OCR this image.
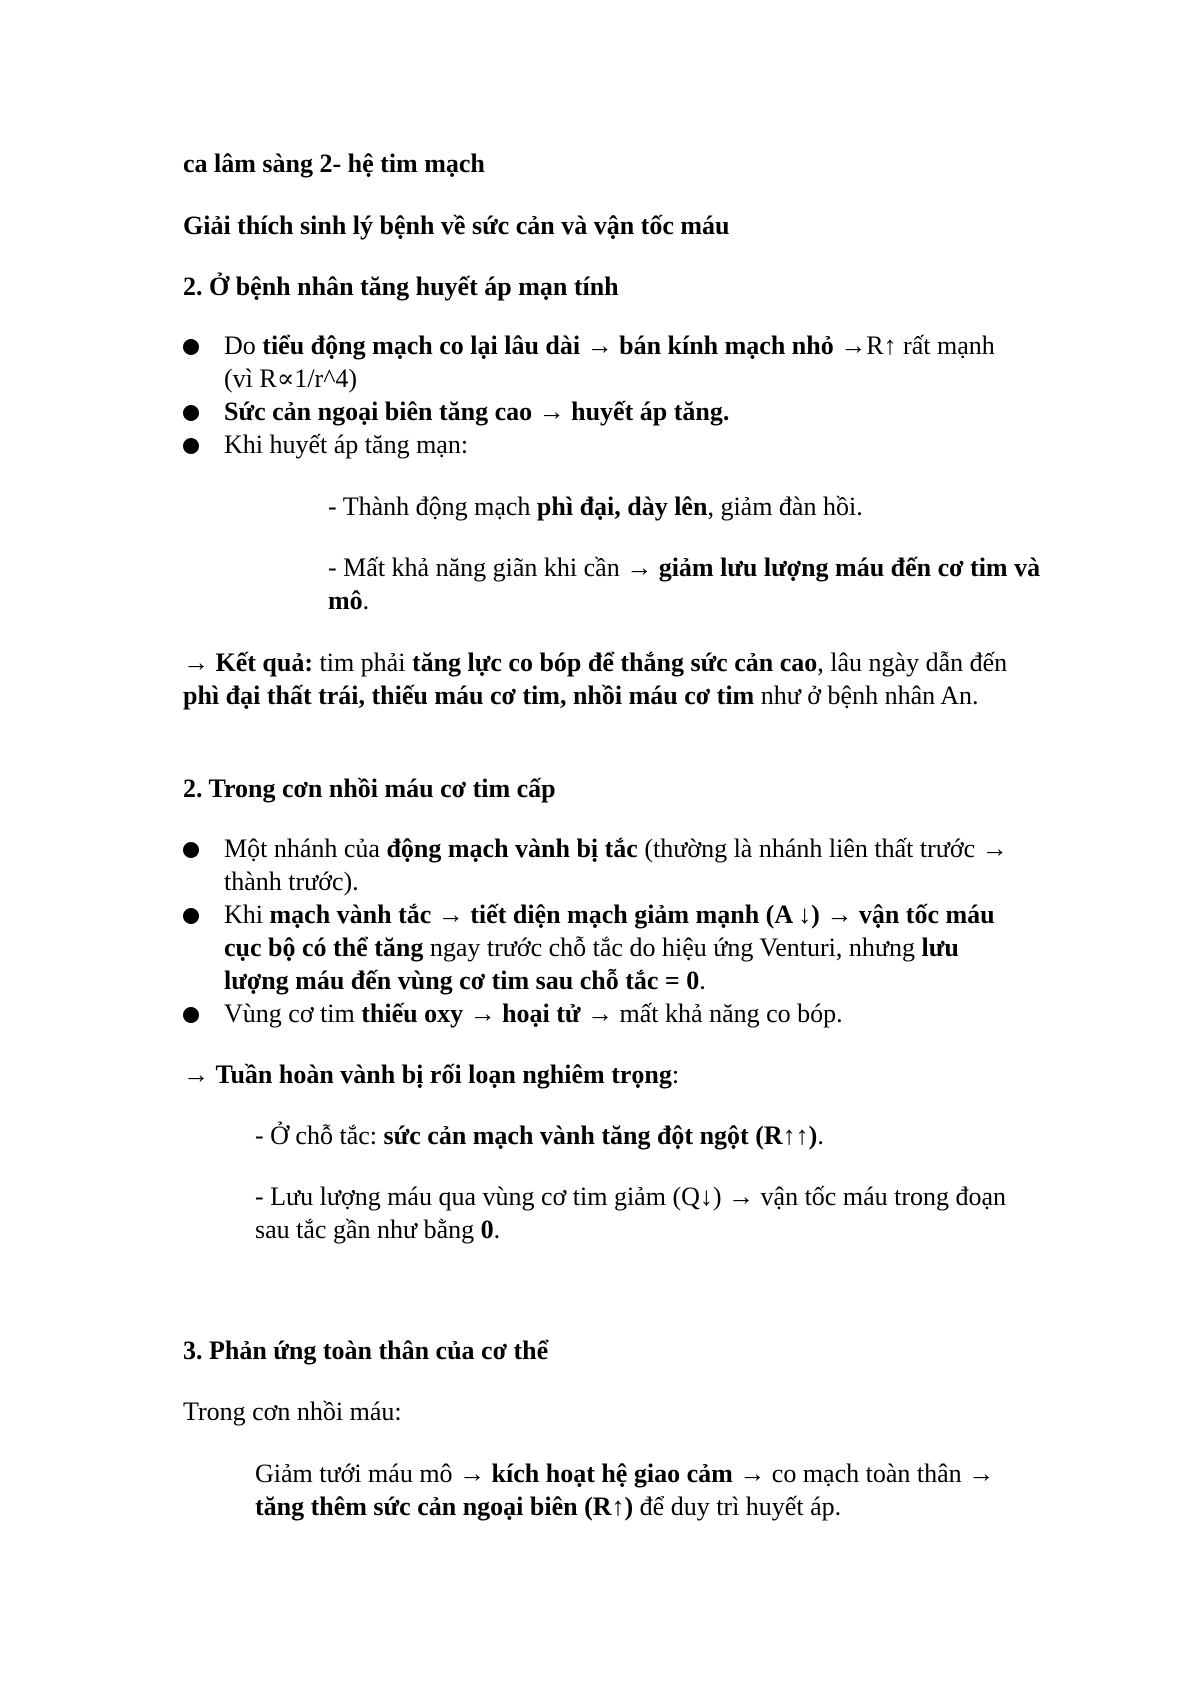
ca lâm sàng 2- hệ tim mạch

Giải thích sinh lý bệnh về sức cản và vận tốc máu

2. Ở bệnh nhân tăng huyết áp mạn tính

Do tiểu động mạch co lại lâu dài → bán kính mạch nhỏ →R↑ rất mạnh (vì R∝1/r^4)
Sức cản ngoại biên tăng cao → huyết áp tăng.
Khi huyết áp tăng mạn:

- Thành động mạch phì đại, dày lên, giảm đàn hồi.

- Mất khả năng giãn khi cần → giảm lưu lượng máu đến cơ tim và mô.

→ Kết quả: tim phải tăng lực co bóp để thắng sức cản cao, lâu ngày dẫn đến phì đại thất trái, thiếu máu cơ tim, nhồi máu cơ tim như ở bệnh nhân An.

2. Trong cơn nhồi máu cơ tim cấp

Một nhánh của động mạch vành bị tắc (thường là nhánh liên thất trước → thành trước).
Khi mạch vành tắc → tiết diện mạch giảm mạnh (A ↓) → vận tốc máu cục bộ có thể tăng ngay trước chỗ tắc do hiệu ứng Venturi, nhưng lưu lượng máu đến vùng cơ tim sau chỗ tắc = 0.
Vùng cơ tim thiếu oxy → hoại tử → mất khả năng co bóp.

→ Tuần hoàn vành bị rối loạn nghiêm trọng:

- Ở chỗ tắc: sức cản mạch vành tăng đột ngột (R↑↑).

- Lưu lượng máu qua vùng cơ tim giảm (Q↓) → vận tốc máu trong đoạn sau tắc gần như bằng 0.

3. Phản ứng toàn thân của cơ thể

Trong cơn nhồi máu:

Giảm tưới máu mô → kích hoạt hệ giao cảm → co mạch toàn thân → tăng thêm sức cản ngoại biên (R↑) để duy trì huyết áp.
